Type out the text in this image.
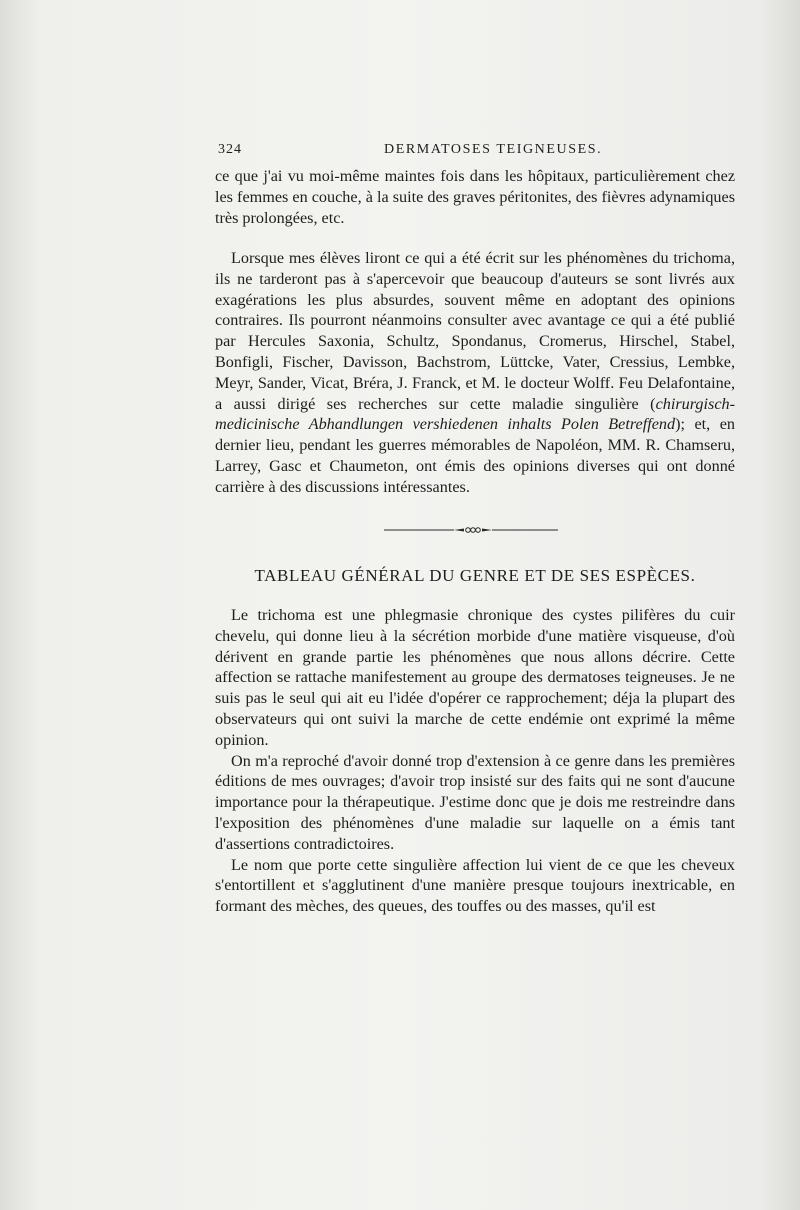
324	DERMATOSES TEIGNEUSES.

ce que j'ai vu moi-même maintes fois dans les hôpitaux, particulièrement chez les femmes en couche, à la suite des graves péritonites, des fièvres adynamiques très prolongées, etc.

Lorsque mes élèves liront ce qui a été écrit sur les phénomènes du trichoma, ils ne tarderont pas à s'apercevoir que beaucoup d'auteurs se sont livrés aux exagérations les plus absurdes, souvent même en adoptant des opinions contraires. Ils pourront néanmoins consulter avec avantage ce qui a été publié par Hercules Saxonia, Schultz, Spondanus, Cromerus, Hirschel, Stabel, Bonfigli, Fischer, Davisson, Bachstrom, Lüttcke, Vater, Cressius, Lembke, Meyr, Sander, Vicat, Bréra, J. Franck, et M. le docteur Wolff. Feu Delafontaine, a aussi dirigé ses recherches sur cette maladie singulière (chirurgisch-medicinische Abhandlungen vershiedenen inhalts Polen Betreffend); et, en dernier lieu, pendant les guerres mémorables de Napoléon, MM. R. Chamseru, Larrey, Gasc et Chaumeton, ont émis des opinions diverses qui ont donné carrière à des discussions intéressantes.

TABLEAU GÉNÉRAL DU GENRE ET DE SES ESPÈCES.

Le trichoma est une phlegmasie chronique des cystes pilifères du cuir chevelu, qui donne lieu à la sécrétion morbide d'une matière visqueuse, d'où dérivent en grande partie les phénomènes que nous allons décrire. Cette affection se rattache manifestement au groupe des dermatoses teigneuses. Je ne suis pas le seul qui ait eu l'idée d'opérer ce rapprochement; déja la plupart des observateurs qui ont suivi la marche de cette endémie ont exprimé la même opinion.

On m'a reproché d'avoir donné trop d'extension à ce genre dans les premières éditions de mes ouvrages; d'avoir trop insisté sur des faits qui ne sont d'aucune importance pour la thérapeutique. J'estime donc que je dois me restreindre dans l'exposition des phénomènes d'une maladie sur laquelle on a émis tant d'assertions contradictoires.

Le nom que porte cette singulière affection lui vient de ce que les cheveux s'entortillent et s'agglutinent d'une manière presque toujours inextricable, en formant des mèches, des queues, des touffes ou des masses, qu'il est
